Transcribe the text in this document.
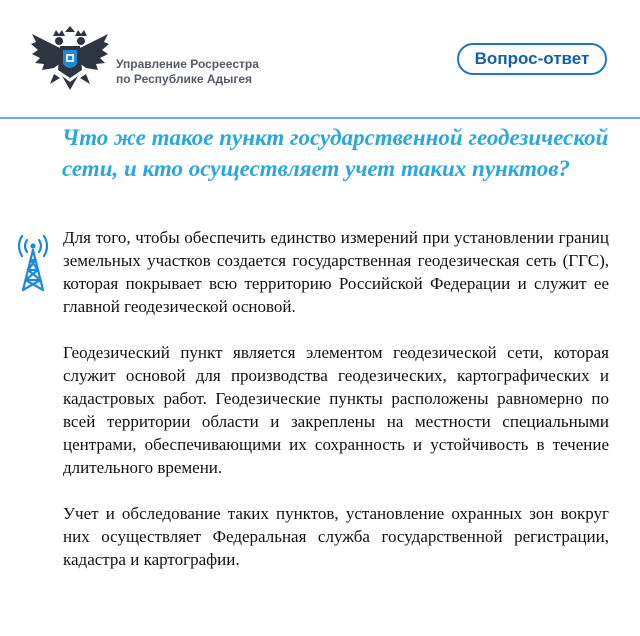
Управление Росреестра
по Республике Адыгея
Вопрос-ответ
Что же такое пункт государственной геодезической сети, и кто осуществляет учет таких пунктов?

Для того, чтобы обеспечить единство измерений при установлении границ земельных участков создается государственная геодезическая сеть (ГГС), которая покрывает всю территорию Российской Федерации и служит ее главной геодезической основой.

Геодезический пункт является элементом геодезической сети, которая служит основой для производства геодезических, картографических и кадастровых работ. Геодезические пункты расположены равномерно по всей территории области и закреплены на местности специальными центрами, обеспечивающими их сохранность и устойчивость в течение длительного времени.

Учет и обследование таких пунктов, установление охранных зон вокруг них осуществляет Федеральная служба государственной регистрации, кадастра и картографии.
